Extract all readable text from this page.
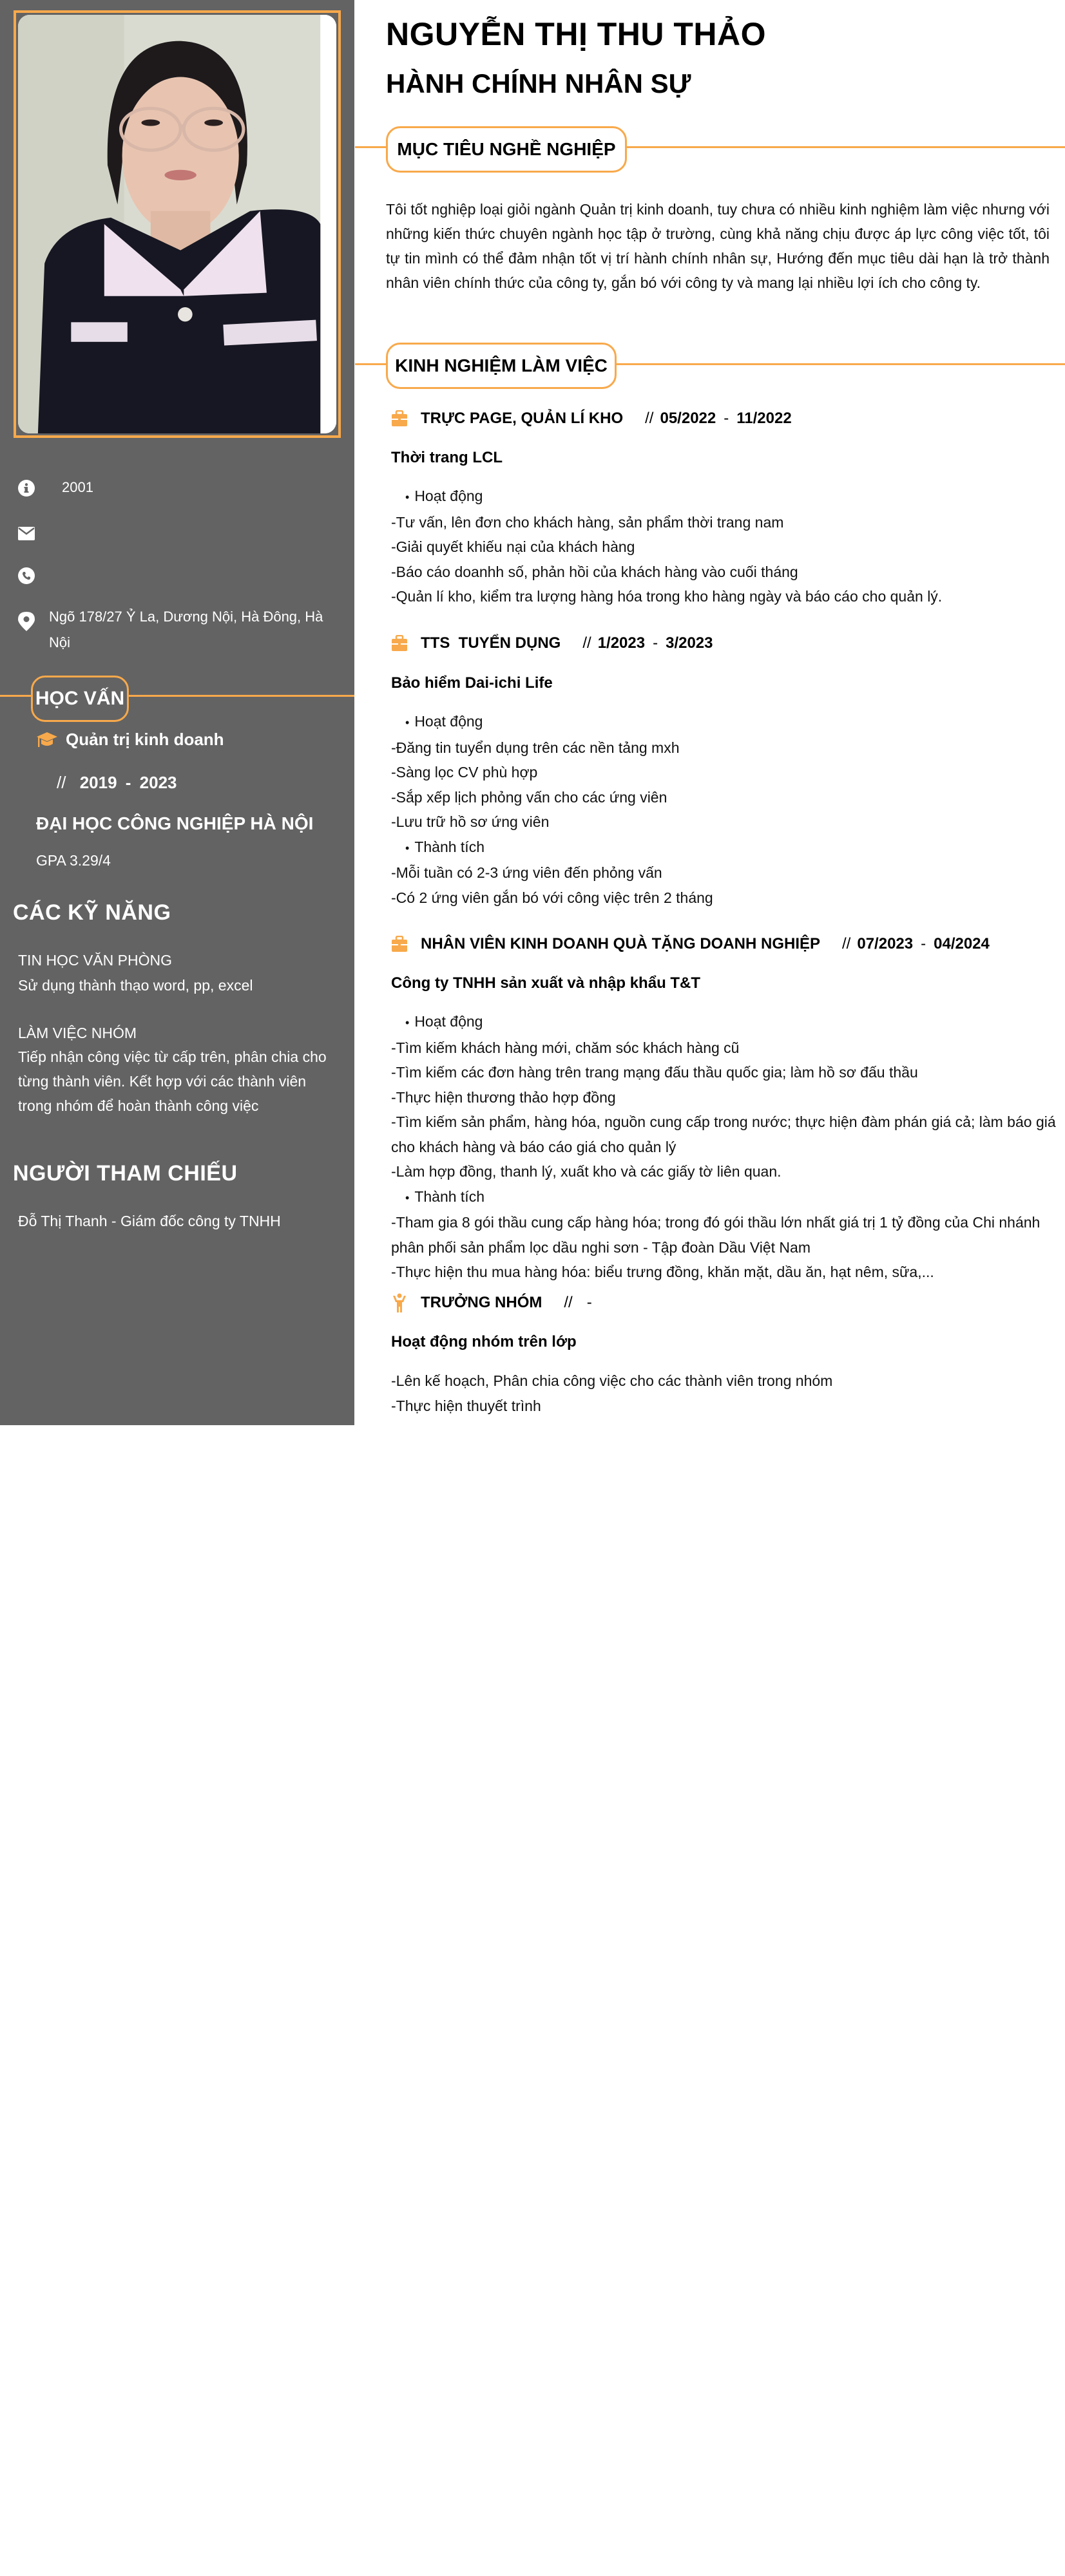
2001
Ngõ 178/27 Ỷ La, Dương Nội, Hà Đông, Hà Nội
HỌC VẤN
Quản trị kinh doanh
// 2019 - 2023
ĐẠI HỌC CÔNG NGHIỆP HÀ NỘI
GPA 3.29/4
CÁC KỸ NĂNG
TIN HỌC VĂN PHÒNG
Sử dụng thành thạo word, pp, excel
LÀM VIỆC NHÓM
Tiếp nhận công việc từ cấp trên, phân chia cho từng thành viên. Kết hợp với các thành viên trong nhóm để hoàn thành công việc
NGƯỜI THAM CHIẾU
Đỗ Thị Thanh - Giám đốc công ty TNHH
NGUYỄN THỊ THU THẢO
HÀNH CHÍNH NHÂN SỰ
MỤC TIÊU NGHỀ NGHIỆP

Tôi tốt nghiệp loại giỏi ngành Quản trị kinh doanh, tuy chưa có nhiều kinh nghiệm làm việc nhưng với những kiến thức chuyên ngành học tập ở trường, cùng khả năng chịu được áp lực công việc tốt, tôi tự tin mình có thể đảm nhận tốt vị trí hành chính nhân sự, Hướng đến mục tiêu dài hạn là trở thành nhân viên chính thức của công ty, gắn bó với công ty và mang lại nhiều lợi ích cho công ty.

KINH NGHIỆM LÀM VIỆC
TRỰC PAGE, QUẢN LÍ KHO // 05/2022 - 11/2022
Thời trang LCL
• Hoạt động
-Tư vấn, lên đơn cho khách hàng, sản phẩm thời trang nam
-Giải quyết khiếu nại của khách hàng
-Báo cáo doanhh số, phản hồi của khách hàng vào cuối tháng
-Quản lí kho, kiểm tra lượng hàng hóa trong kho hàng ngày và báo cáo cho quản lý.
TTS  TUYỂN DỤNG // 1/2023 - 3/2023
Bảo hiểm Dai-ichi Life
• Hoạt động
-Đăng tin tuyển dụng trên các nền tảng mxh
-Sàng lọc CV phù hợp
-Sắp xếp lịch phỏng vấn cho các ứng viên
-Lưu trữ hồ sơ ứng viên
• Thành tích
-Mỗi tuần có 2-3 ứng viên đến phỏng vấn
-Có 2 ứng viên gắn bó với công việc trên 2 tháng
NHÂN VIÊN KINH DOANH QUÀ TẶNG DOANH NGHIỆP // 07/2023 - 04/2024
Công ty TNHH sản xuất và nhập khẩu T&T
• Hoạt động
-Tìm kiếm khách hàng mới, chăm sóc khách hàng cũ
-Tìm kiếm các đơn hàng trên trang mạng đấu thầu quốc gia; làm hồ sơ đấu thầu
-Thực hiện thương thảo hợp đồng
-Tìm kiếm sản phẩm, hàng hóa, nguồn cung cấp trong nước; thực hiện đàm phán giá cả; làm báo giá cho khách hàng và báo cáo giá cho quản lý
-Làm hợp đồng, thanh lý, xuất kho và các giấy tờ liên quan.
• Thành tích
-Tham gia 8 gói thầu cung cấp hàng hóa; trong đó gói thầu lớn nhất giá trị 1 tỷ đồng của Chi nhánh phân phối sản phẩm lọc dầu nghi sơn - Tập đoàn Dầu Việt Nam
-Thực hiện thu mua hàng hóa: biểu trưng đồng, khăn mặt, dầu ăn, hạt nêm, sữa,...
TRƯỞNG NHÓM // -
Hoạt động nhóm trên lớp
-Lên kế hoạch, Phân chia công việc cho các thành viên trong nhóm
-Thực hiện thuyết trình
